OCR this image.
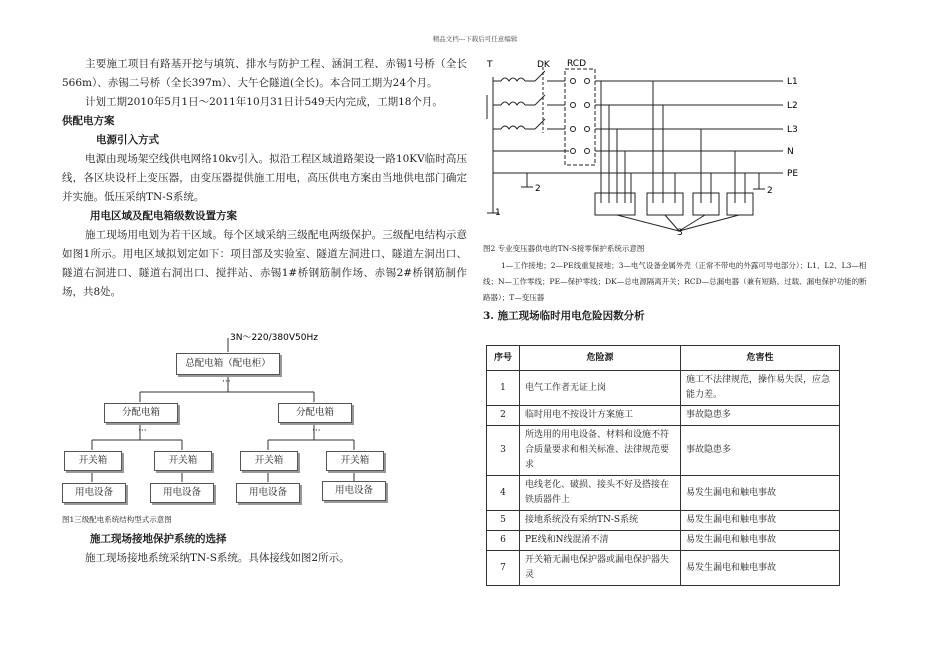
精品文档---下载后可任意编辑

主要施工项目有路基开挖与填筑、排水与防护工程、涵洞工程、赤锡1号桥（全长566m）、赤锡二号桥（全长397m）、大午仑隧道(全长)。本合同工期为24个月。

计划工期2010年5月1日～2011年10月31日计549天内完成，工期18个月。

供配电方案

电源引入方式

电源由现场架空线供电网络10kv引入。拟沿工程区域道路架设一路10KV临时高压线，各区块设杆上变压器，由变压器提供施工用电，高压供电方案由当地供电部门确定并实施。低压采纳TN-S系统。

用电区域及配电箱级数设置方案

施工现场用电划为若干区域。每个区域采纳三级配电两级保护。三级配电结构示意如图1所示。用电区域拟划定如下：项目部及实验室、隧道左洞进口、隧道左洞出口、隧道右洞进口、隧道右洞出口、搅拌站、赤锡1#桥钢筋制作场、赤锡2#桥钢筋制作场，共8处。

3N～220/380V50Hz
···
···	···
总配电箱（配电柜）
分配电箱	分配电箱
开关箱	开关箱	开关箱	开关箱
用电设备	用电设备	用电设备	用电设备

图1三级配电系统结构型式示意图

施工现场接地保护系统的选择

施工现场接地系统采纳TN-S系统。具体接线如图2所示。

T	DK RCD
L1
L2
L3
N
PE
1
2	2
3

图2 专业变压器供电的TN-S接零保护系统示意图

1—工作接地；2—PE线重复接地；3—电气设备金属外壳（正常不带电的外露可导电部分）；L1、L2、L3—相线；N—工作零线；PE—保护零线；DK—总电源隔离开关；RCD—总漏电器（兼有短路、过载、漏电保护功能的断路器）；T—变压器

3. 施工现场临时用电危险因数分析
序号	危险源	危害性
1	电气工作者无证上岗	施工不法律规范，操作易失误，应急能力差。
2	临时用电不按设计方案施工	事故隐患多
3	所选用的用电设备、材料和设施不符合质量要求和相关标准、法律规范要求	事故隐患多
4	电线老化、破损、接头不好及搭接在铁质器件上	易发生漏电和触电事故
5	接地系统没有采纳TN-S系统	易发生漏电和触电事故
6	PE线和N线混淆不清	易发生漏电和触电事故
7	开关箱无漏电保护器或漏电保护器失灵	易发生漏电和触电事故
